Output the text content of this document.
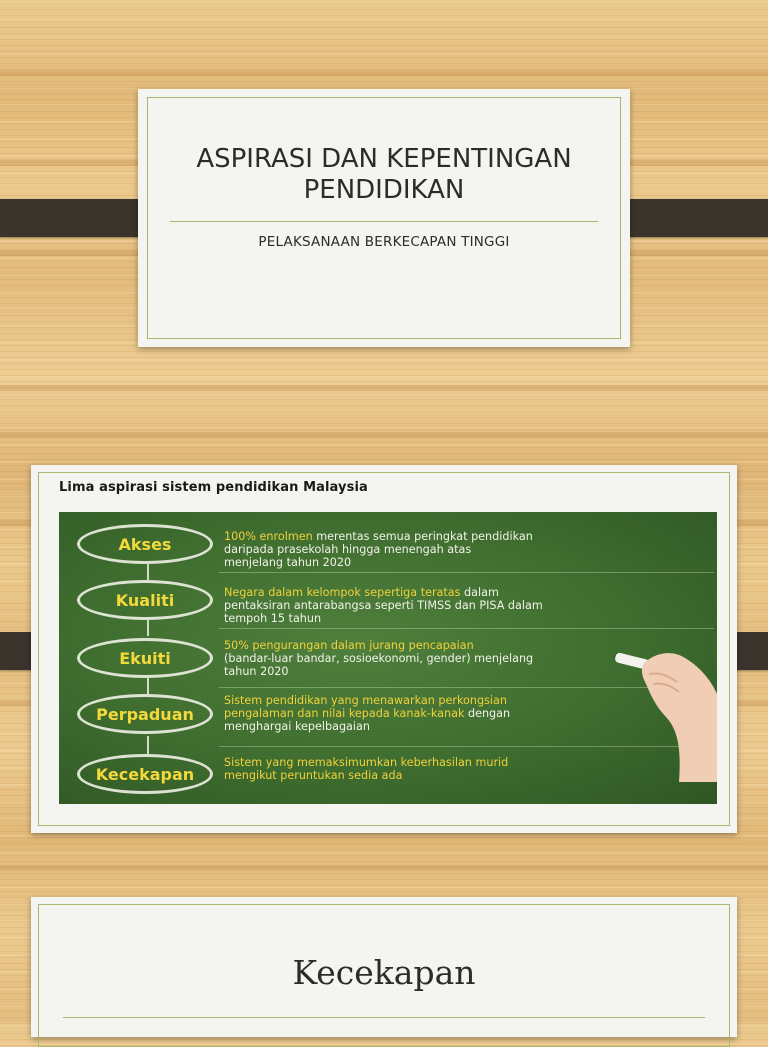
ASPIRASI DAN KEPENTINGAN
PENDIDIKAN
PELAKSANAAN BERKECAPAN TINGGI
Lima aspirasi sistem pendidikan Malaysia
Akses
Kualiti
Ekuiti
Perpaduan
Kecekapan
100% enrolmen merentas semua peringkat pendidikan
daripada prasekolah hingga menengah atas
menjelang tahun 2020
Negara dalam kelompok sepertiga teratas dalam
pentaksiran antarabangsa seperti TIMSS dan PISA dalam
tempoh 15 tahun
50% pengurangan dalam jurang pencapaian
(bandar-luar bandar, sosioekonomi, gender) menjelang
tahun 2020
Sistem pendidikan yang menawarkan perkongsian
pengalaman dan nilai kepada kanak-kanak dengan
menghargai kepelbagaian
Sistem yang memaksimumkan keberhasilan murid
mengikut peruntukan sedia ada
Kecekapan
